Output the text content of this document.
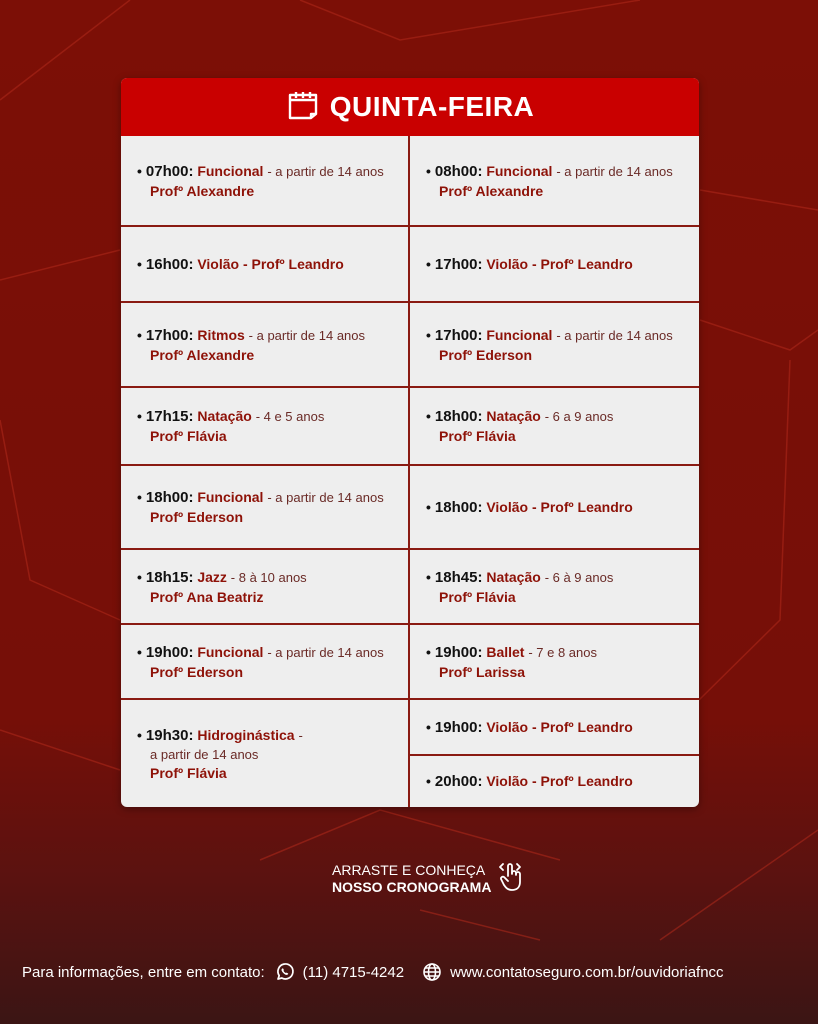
QUINTA-FEIRA
• 07h00: Funcional - a partir de 14 anos
Profº Alexandre
• 16h00: Violão - Profº Leandro
• 17h00: Ritmos - a partir de 14 anos
Profº Alexandre
• 17h15: Natação - 4 e 5 anos
Profº Flávia
• 18h00: Funcional - a partir de 14 anos
Profº Ederson
• 18h15: Jazz - 8 à 10 anos
Profº Ana Beatriz
• 19h00: Funcional - a partir de 14 anos
Profº Ederson
• 19h30: Hidroginástica -
a partir de 14 anos
Profº Flávia
• 08h00: Funcional - a partir de 14 anos
Profº Alexandre
• 17h00: Violão - Profº Leandro
• 17h00: Funcional - a partir de 14 anos
Profº Ederson
• 18h00: Natação - 6 a 9 anos
Profº Flávia
• 18h00: Violão - Profº Leandro
• 18h45: Natação - 6 à 9 anos
Profº Flávia
• 19h00: Ballet - 7 e 8 anos
Profº Larissa
• 19h00: Violão - Profº Leandro
• 20h00: Violão - Profº Leandro
ARRASTE E CONHEÇA
NOSSO CRONOGRAMA
Para informações, entre em contato:	(11) 4715-4242	www.contatoseguro.com.br/ouvidoriafncc
